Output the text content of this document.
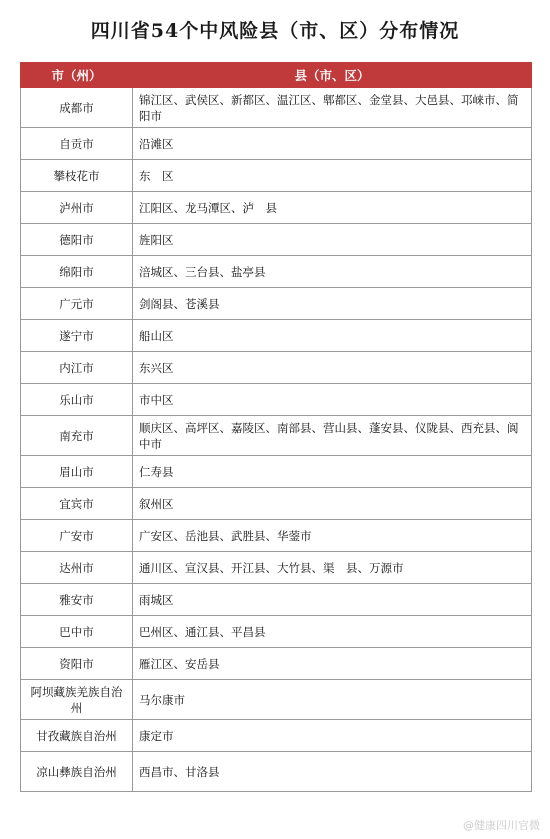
四川省54个中风险县（市、区）分布情况
市（州）	县（市、区）
成都市	锦江区、武侯区、新都区、温江区、郫都区、金堂县、大邑县、邛崃市、简阳市
自贡市	沿滩区
攀枝花市	东　区
泸州市	江阳区、龙马潭区、泸　县
德阳市	旌阳区
绵阳市	涪城区、三台县、盐亭县
广元市	剑阁县、苍溪县
遂宁市	船山区
内江市	东兴区
乐山市	市中区
南充市	顺庆区、高坪区、嘉陵区、南部县、营山县、蓬安县、仪陇县、西充县、阆中市
眉山市	仁寿县
宜宾市	叙州区
广安市	广安区、岳池县、武胜县、华蓥市
达州市	通川区、宣汉县、开江县、大竹县、渠　县、万源市
雅安市	雨城区
巴中市	巴州区、通江县、平昌县
资阳市	雁江区、安岳县
阿坝藏族羌族自治州	马尔康市
甘孜藏族自治州	康定市
凉山彝族自治州	西昌市、甘洛县
@健康四川官微
